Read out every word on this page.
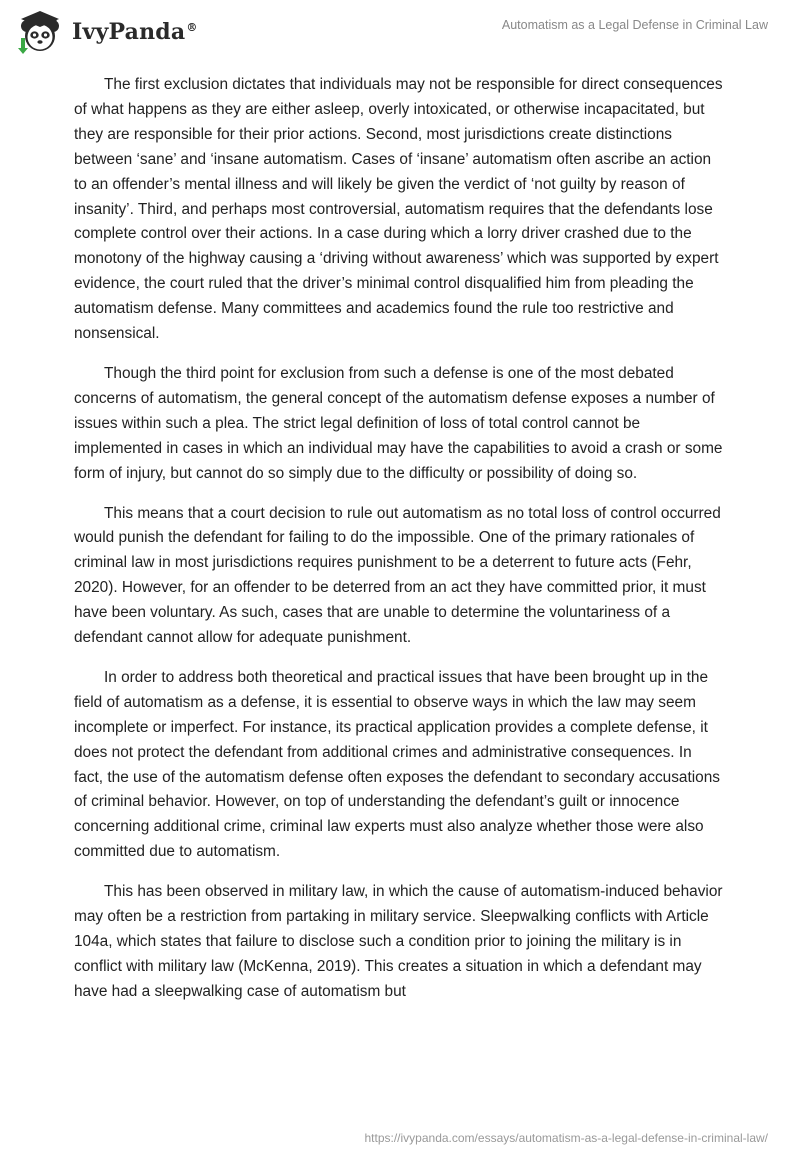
IvyPanda®	Automatism as a Legal Defense in Criminal Law

The first exclusion dictates that individuals may not be responsible for direct consequences of what happens as they are either asleep, overly intoxicated, or otherwise incapacitated, but they are responsible for their prior actions. Second, most jurisdictions create distinctions between ‘sane’ and ‘insane automatism. Cases of ‘insane’ automatism often ascribe an action to an offender’s mental illness and will likely be given the verdict of ‘not guilty by reason of insanity’. Third, and perhaps most controversial, automatism requires that the defendants lose complete control over their actions. In a case during which a lorry driver crashed due to the monotony of the highway causing a ‘driving without awareness’ which was supported by expert evidence, the court ruled that the driver’s minimal control disqualified him from pleading the automatism defense. Many committees and academics found the rule too restrictive and nonsensical.

Though the third point for exclusion from such a defense is one of the most debated concerns of automatism, the general concept of the automatism defense exposes a number of issues within such a plea. The strict legal definition of loss of total control cannot be implemented in cases in which an individual may have the capabilities to avoid a crash or some form of injury, but cannot do so simply due to the difficulty or possibility of doing so.

This means that a court decision to rule out automatism as no total loss of control occurred would punish the defendant for failing to do the impossible. One of the primary rationales of criminal law in most jurisdictions requires punishment to be a deterrent to future acts (Fehr, 2020). However, for an offender to be deterred from an act they have committed prior, it must have been voluntary. As such, cases that are unable to determine the voluntariness of a defendant cannot allow for adequate punishment.

In order to address both theoretical and practical issues that have been brought up in the field of automatism as a defense, it is essential to observe ways in which the law may seem incomplete or imperfect. For instance, its practical application provides a complete defense, it does not protect the defendant from additional crimes and administrative consequences. In fact, the use of the automatism defense often exposes the defendant to secondary accusations of criminal behavior. However, on top of understanding the defendant’s guilt or innocence concerning additional crime, criminal law experts must also analyze whether those were also committed due to automatism.

This has been observed in military law, in which the cause of automatism-induced behavior may often be a restriction from partaking in military service. Sleepwalking conflicts with Article 104a, which states that failure to disclose such a condition prior to joining the military is in conflict with military law (McKenna, 2019). This creates a situation in which a defendant may have had a sleepwalking case of automatism but

https://ivypanda.com/essays/automatism-as-a-legal-defense-in-criminal-law/
